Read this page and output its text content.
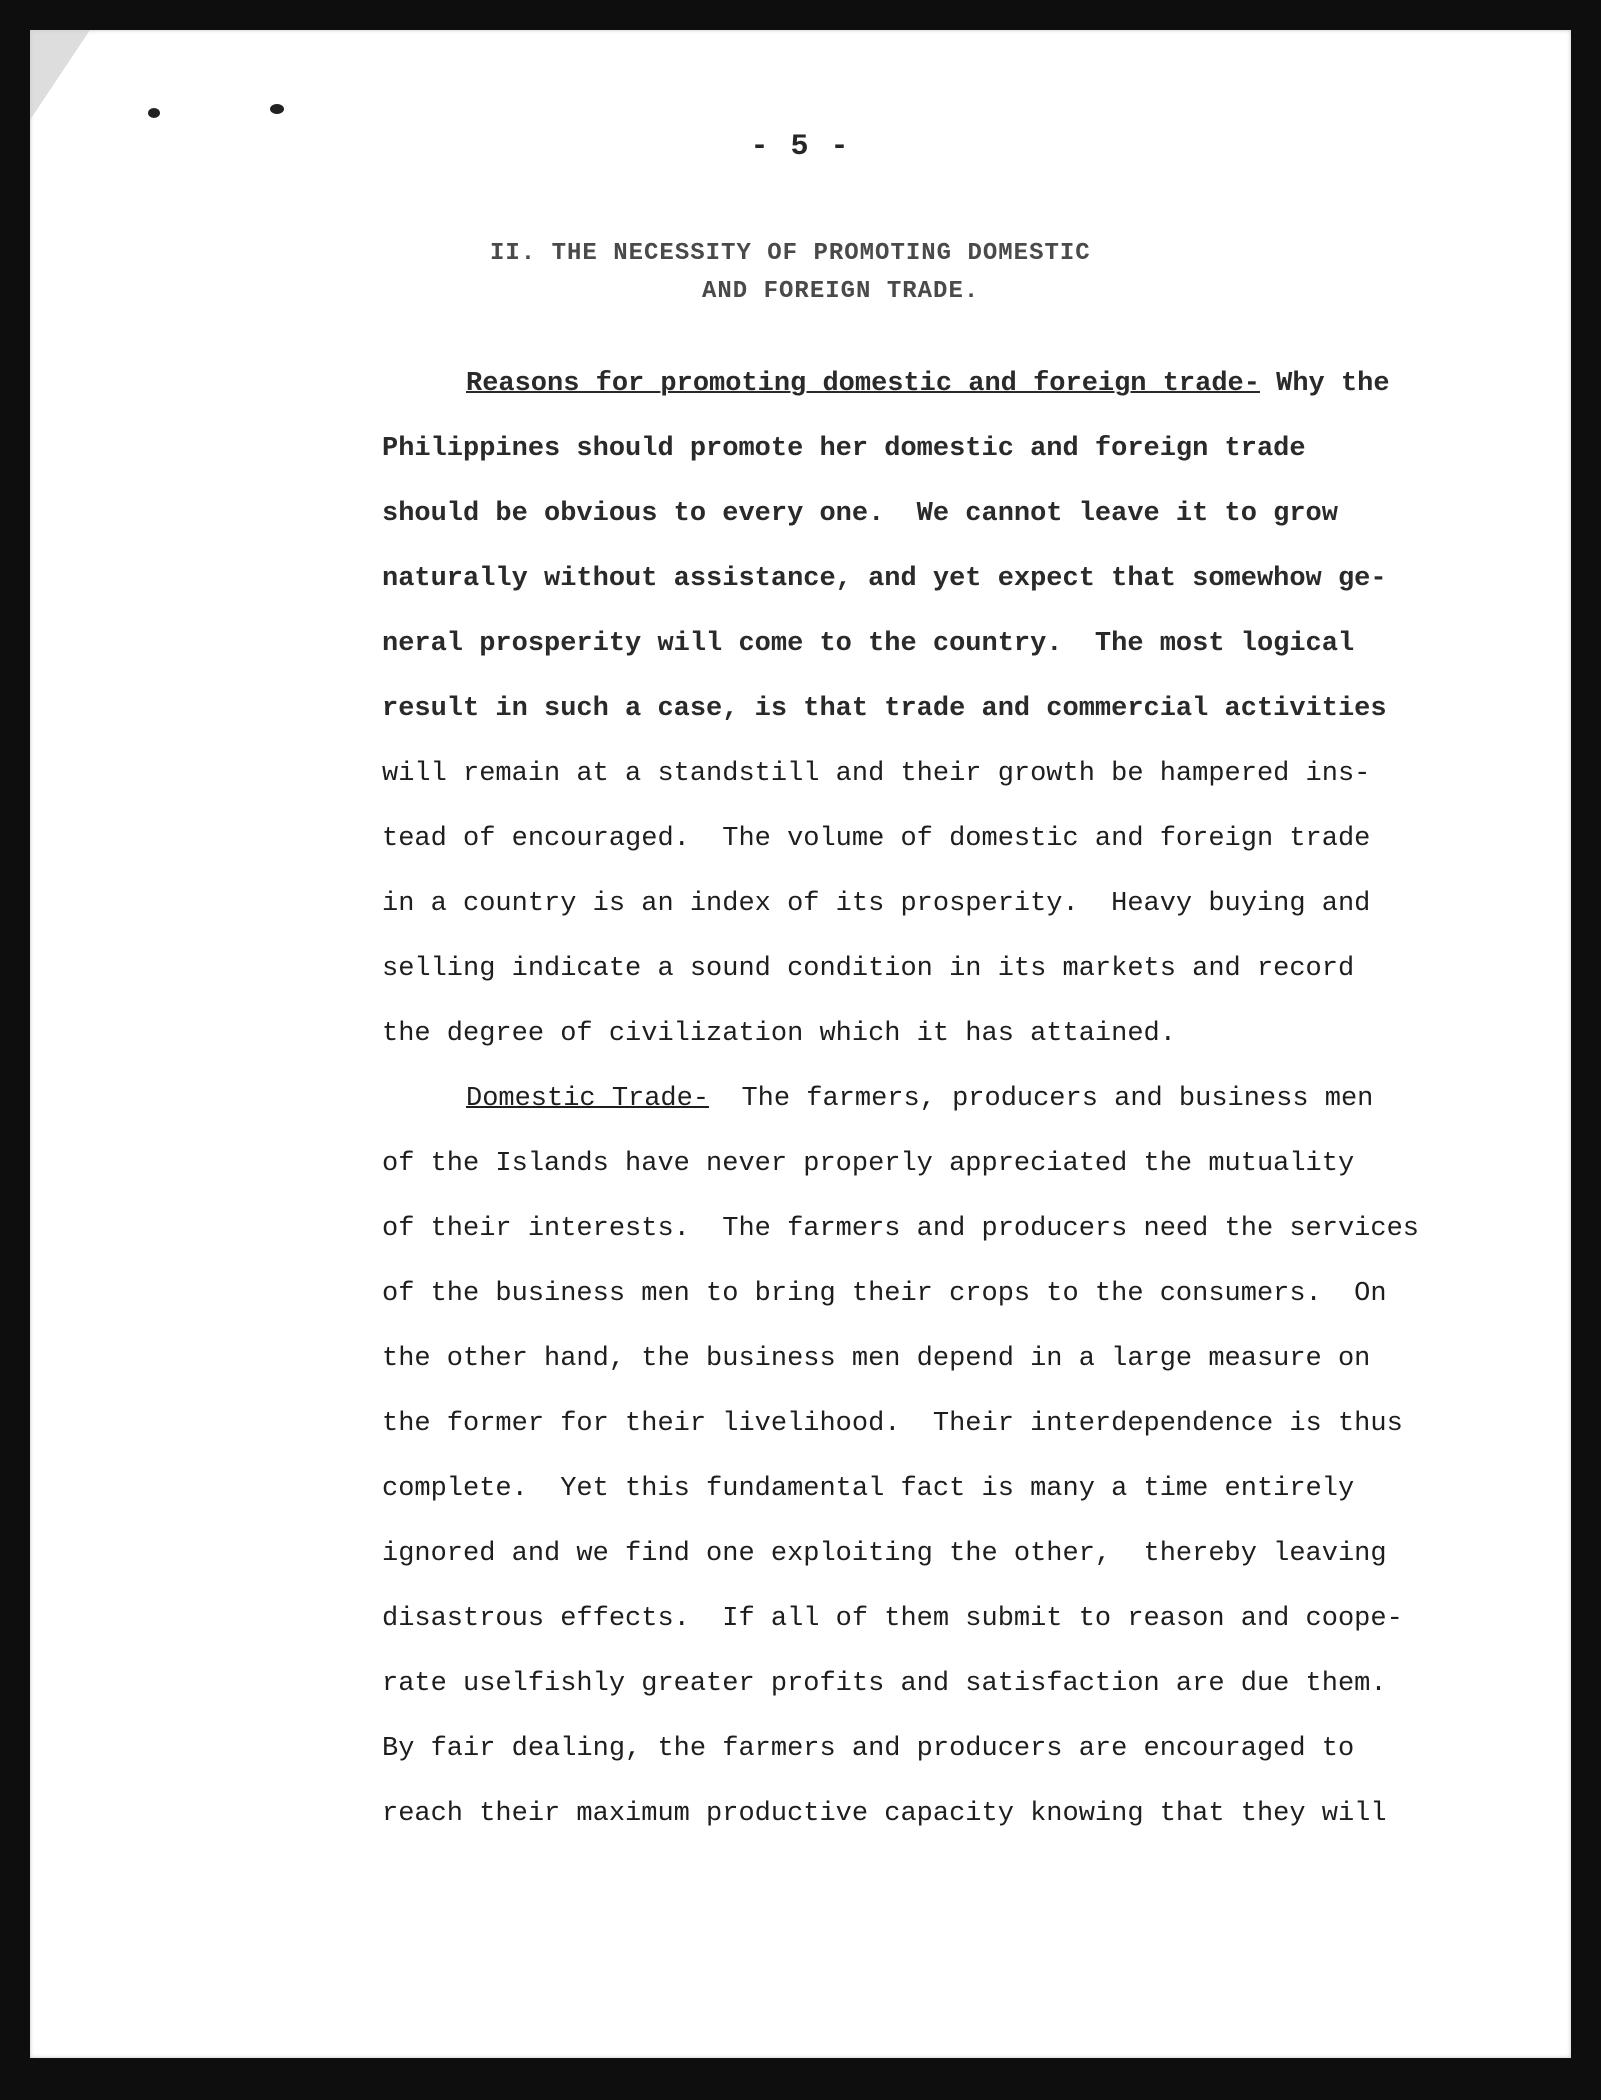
- 5 -
II. THE NECESSITY OF PROMOTING DOMESTIC
AND FOREIGN TRADE.
Reasons for promoting domestic and foreign trade- Why the
Philippines should promote her domestic and foreign trade
should be obvious to every one.  We cannot leave it to grow
naturally without assistance, and yet expect that somewhow ge-
neral prosperity will come to the country.  The most logical
result in such a case, is that trade and commercial activities
will remain at a standstill and their growth be hampered ins-
tead of encouraged.  The volume of domestic and foreign trade
in a country is an index of its prosperity.  Heavy buying and
selling indicate a sound condition in its markets and record
the degree of civilization which it has attained.
Domestic Trade-  The farmers, producers and business men
of the Islands have never properly appreciated the mutuality
of their interests.  The farmers and producers need the services
of the business men to bring their crops to the consumers.  On
the other hand, the business men depend in a large measure on
the former for their livelihood.  Their interdependence is thus
complete.  Yet this fundamental fact is many a time entirely
ignored and we find one exploiting the other,  thereby leaving
disastrous effects.  If all of them submit to reason and coope-
rate uselfishly greater profits and satisfaction are due them.
By fair dealing, the farmers and producers are encouraged to
reach their maximum productive capacity knowing that they will
